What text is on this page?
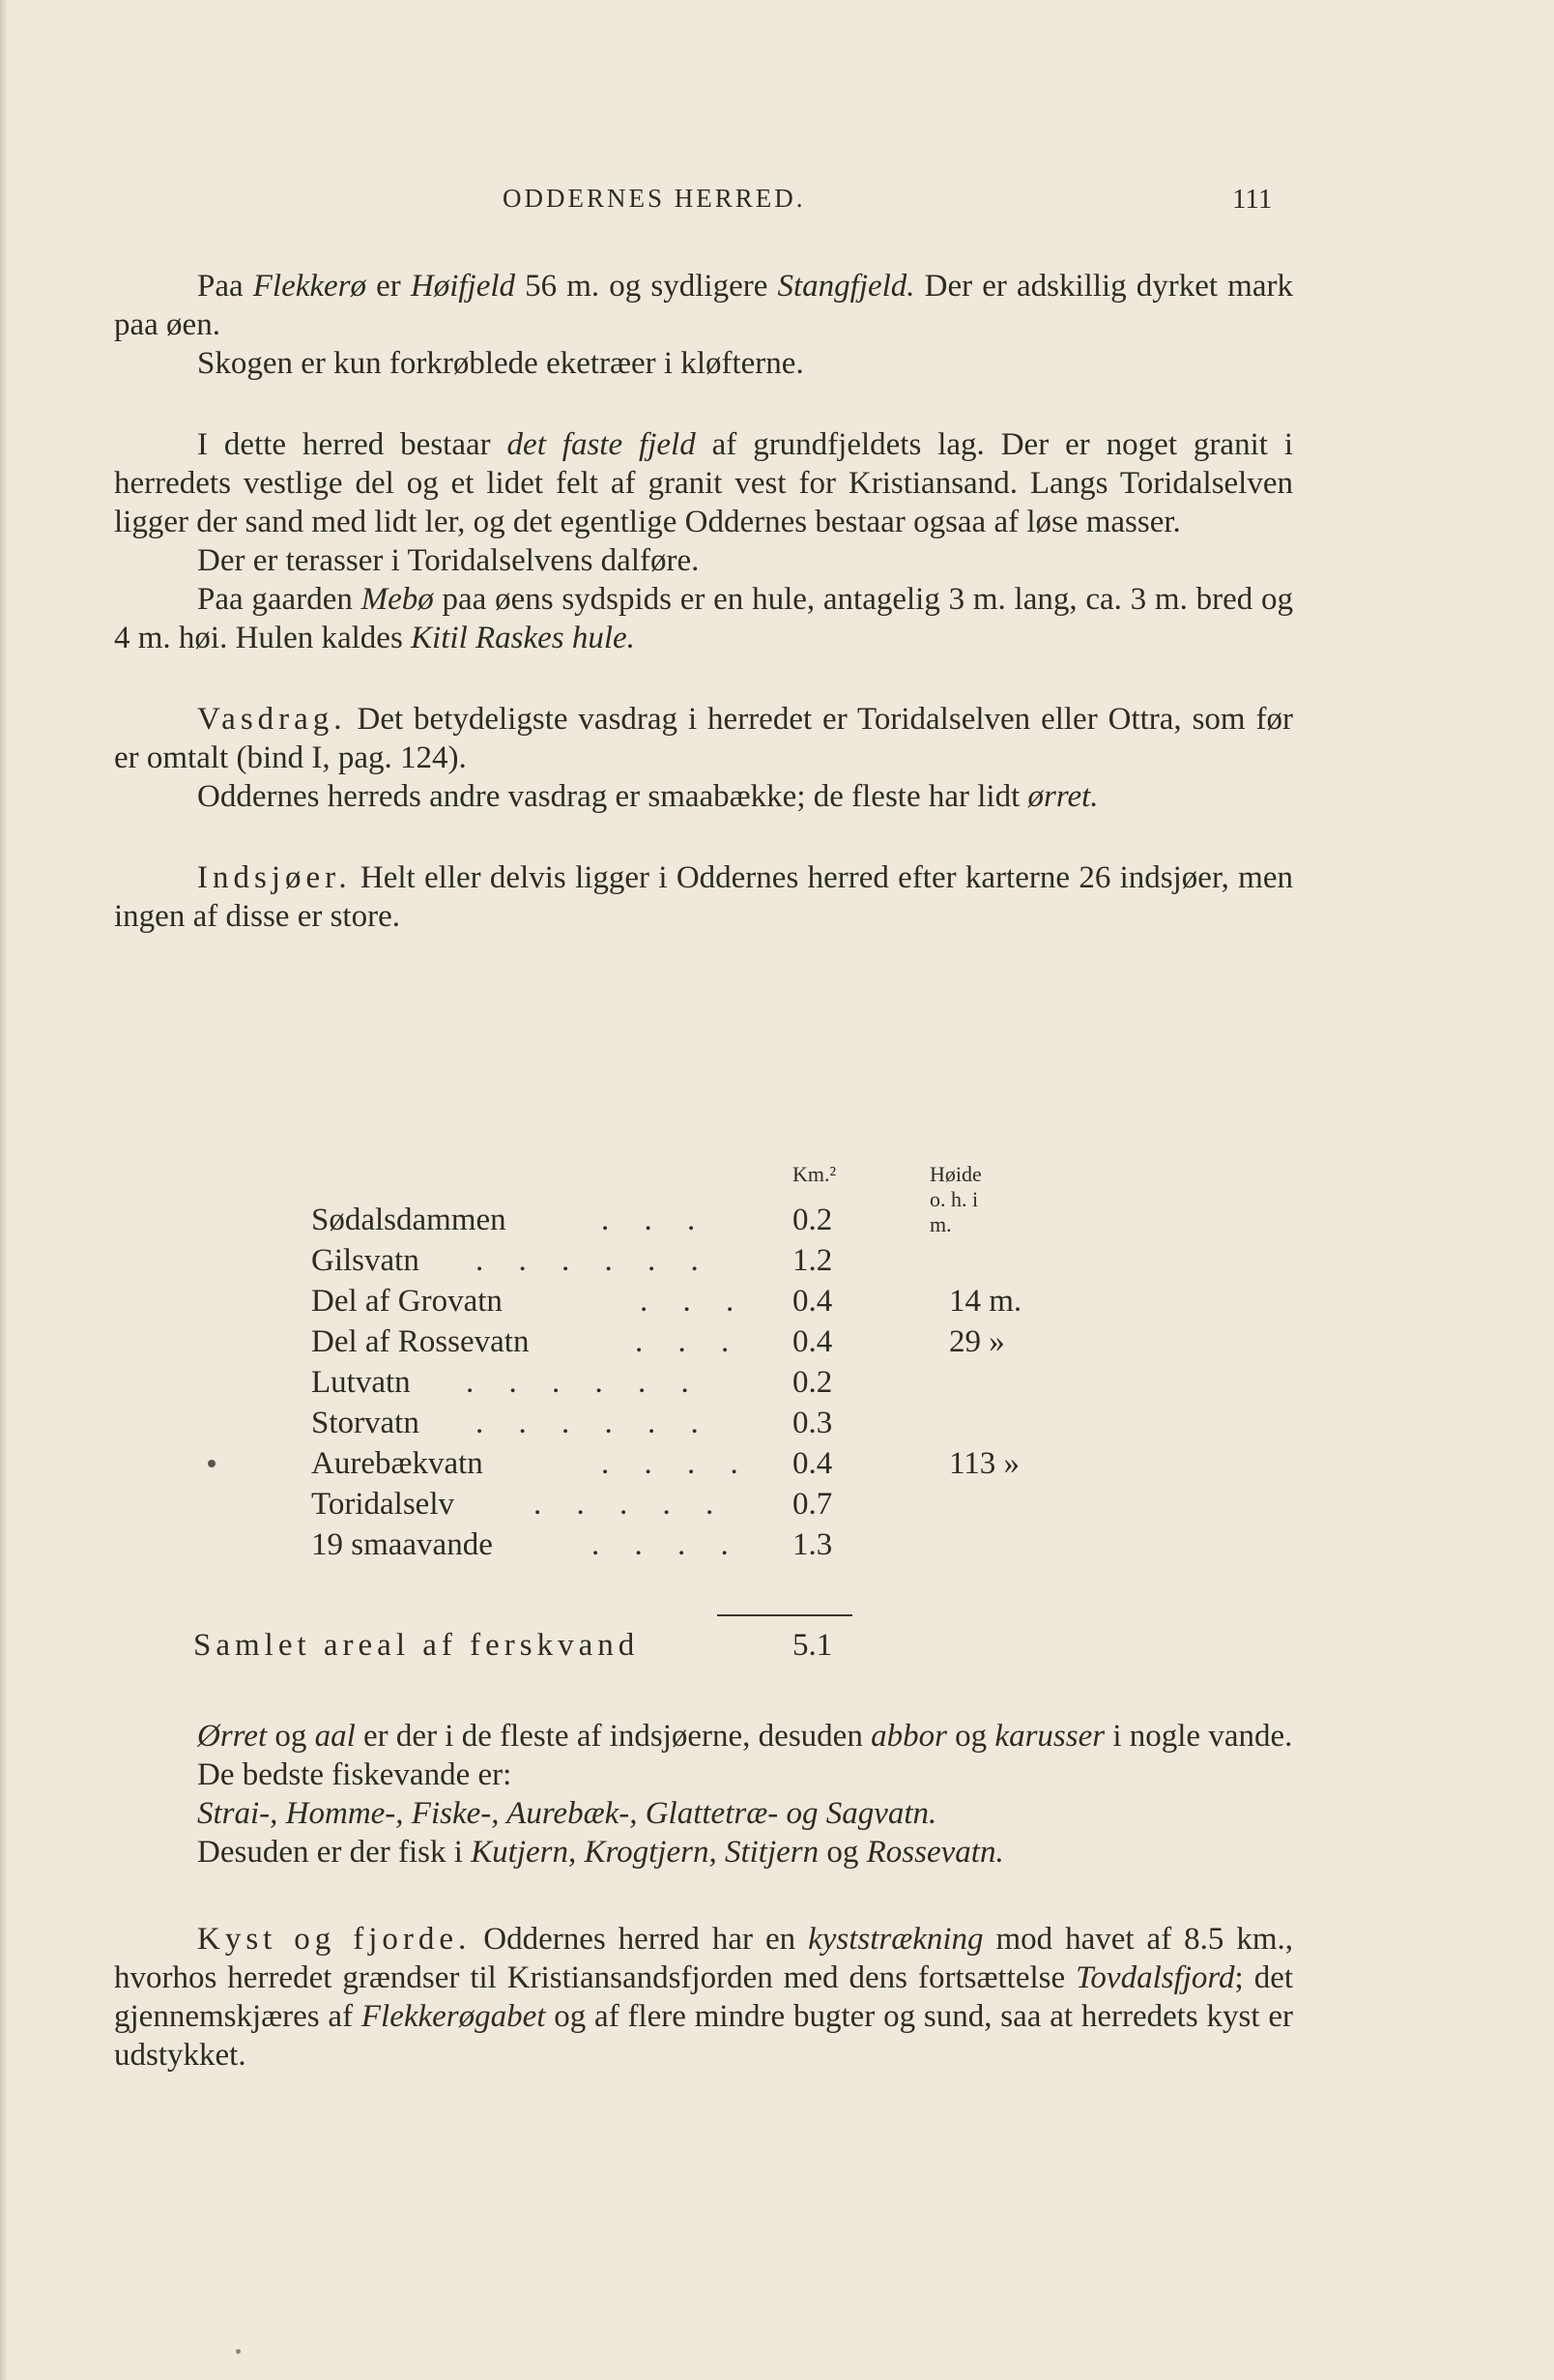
ODDERNES HERRED.	111

Paa Flekkerø er Høifjeld 56 m. og sydligere Stangfjeld. Der er adskillig dyrket mark paa øen.

Skogen er kun forkrøblede eketræer i kløfterne.

I dette herred bestaar det faste fjeld af grundfjeldets lag. Der er noget granit i herredets vestlige del og et lidet felt af granit vest for Kristiansand. Langs Toridalselven ligger der sand med lidt ler, og det egentlige Oddernes bestaar ogsaa af løse masser.

Der er terasser i Toridalselvens dalføre.

Paa gaarden Mebø paa øens sydspids er en hule, antagelig 3 m. lang, ca. 3 m. bred og 4 m. høi. Hulen kaldes Kitil Raskes hule.

Vasdrag. Det betydeligste vasdrag i herredet er Toridalselven eller Ottra, som før er omtalt (bind I, pag. 124).

Oddernes herreds andre vasdrag er smaabække; de fleste har lidt ørret.

Indsjøer. Helt eller delvis ligger i Oddernes herred efter karterne 26 indsjøer, men ingen af disse er store.

Km.²	Høide o. h. i m.
Sødalsdammen	. . .	0.2
Gilsvatn . . . . . .	1.2
Del af Grovatn	. . .	0.4	14 m.
Del af Rossevatn	. . .	0.4	29 »
Lutvatn . . . . . .	0.2
Storvatn . . . . . .	0.3
Aurebækvatn	. . . .	0.4	113 »
Toridalselv . . . . .	0.7
19 smaavande	. . . .	1.3
Samlet areal af ferskvand	5.1

Ørret og aal er der i de fleste af indsjøerne, desuden abbor og karusser i nogle vande.

De bedste fiskevande er:

Strai-, Homme-, Fiske-, Aurebæk-, Glattetræ- og Sagvatn.

Desuden er der fisk i Kutjern, Krogtjern, Stitjern og Rossevatn.

Kyst og fjorde. Oddernes herred har en kyststrækning mod havet af 8.5 km., hvorhos herredet grændser til Kristiansandsfjorden med dens fortsættelse Tovdalsfjord; det gjennemskjæres af Flekkerøgabet og af flere mindre bugter og sund, saa at herredets kyst er udstykket.
